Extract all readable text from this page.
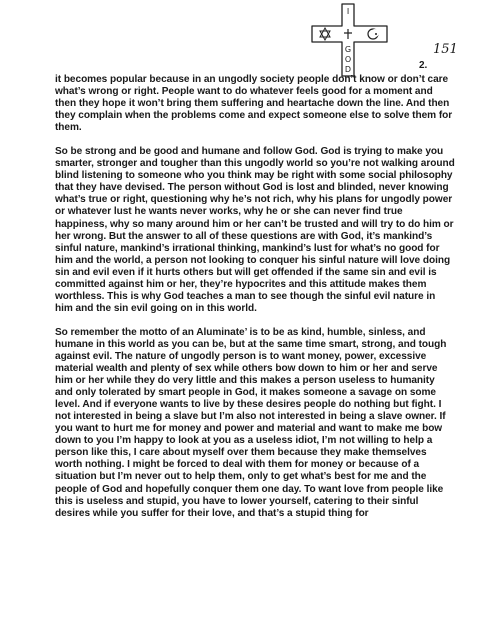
I
G
O
D
151
2.

it becomes popular because in an ungodly society people don’t know or don’t care what’s wrong or right. People want to do whatever feels good for a moment and then they hope it won’t bring them suffering and heartache down the line. And then they complain when the problems come and expect someone else to solve them for them.

So be strong and be good and humane and follow God. God is trying to make you smarter, stronger and tougher than this ungodly world so you’re not walking around blind listening to someone who you think may be right with some social philosophy that they have devised. The person without God is lost and blinded, never knowing what’s true or right, questioning why he’s not rich, why his plans for ungodly power or whatever lust he wants never works, why he or she can never find true happiness, why so many around him or her can’t be trusted and will try to do him or her wrong. But the answer to all of these questions are with God, it’s mankind’s sinful nature, mankind’s irrational thinking, mankind’s lust for what’s no good for him and the world, a person not looking to conquer his sinful nature will love doing sin and evil even if it hurts others but will get offended if the same sin and evil is committed against him or her, they’re hypocrites and this attitude makes them worthless. This is why God teaches a man to see though the sinful evil nature in him and the sin evil going on in this world.

So remember the motto of an Aluminate’ is to be as kind, humble, sinless, and humane in this world as you can be, but at the same time smart, strong, and tough against evil. The nature of ungodly person is to want money, power, excessive material wealth and plenty of sex while others bow down to him or her and serve him or her while they do very little and this makes a person useless to humanity and only tolerated by smart people in God, it makes someone a savage on some level. And if everyone wants to live by these desires people do nothing but fight. I not interested in being a slave but I’m also not interested in being a slave owner. If you want to hurt me for money and power and material and want to make me bow down to you I’m happy to look at you as a useless idiot, I’m not willing to help a person like this, I care about myself over them because they make themselves worth nothing. I might be forced to deal with them for money or because of a situation but I’m never out to help them, only to get what’s best for me and the people of God and hopefully conquer them one day. To want love from people like this is useless and stupid, you have to lower yourself, catering to their sinful desires while you suffer for their love, and that’s a stupid thing for
